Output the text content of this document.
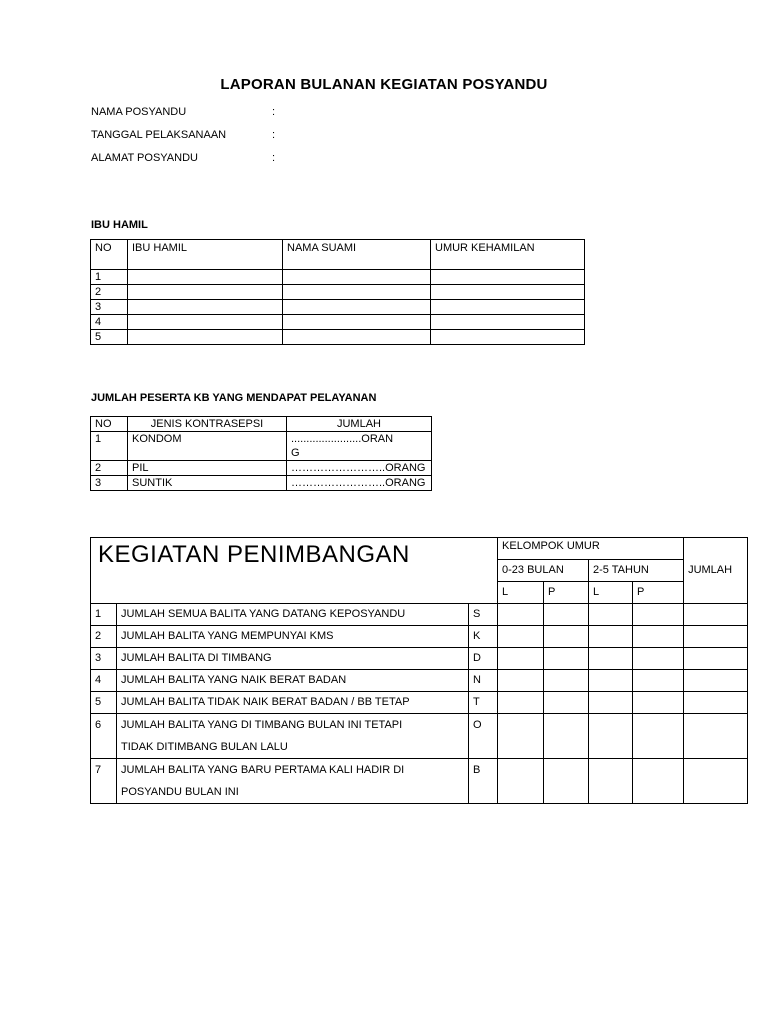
LAPORAN BULANAN KEGIATAN POSYANDU
NAMA POSYANDU	:
TANGGAL PELAKSANAAN	:
ALAMAT POSYANDU	:
IBU HAMIL
NO	IBU HAMIL	NAMA SUAMI	UMUR KEHAMILAN
1			
2			
3			
4			
5			
JUMLAH PESERTA KB YANG MENDAPAT PELAYANAN
NO	JENIS KONTRASEPSI	JUMLAH
1	KONDOM	.......................ORAN
G

2	PIL	……………………..ORANG
3	SUNTIK	……………………..ORANG
KEGIATAN PENIMBANGAN			KELOMPOK UMUR				JUMLAH
			0-23 BULAN		2-5 TAHUN		
			L	P	L	P	
1	JUMLAH SEMUA BALITA YANG DATANG KEPOSYANDU	S					
2	JUMLAH BALITA YANG MEMPUNYAI KMS	K					
3	JUMLAH BALITA DI TIMBANG	D					
4	JUMLAH BALITA YANG NAIK BERAT BADAN	N					
5	JUMLAH BALITA TIDAK NAIK BERAT BADAN / BB TETAP	T					
6	JUMLAH BALITA YANG DI TIMBANG BULAN INI TETAPI
TIDAK DITIMBANG BULAN LALU	O					
7	JUMLAH BALITA YANG BARU PERTAMA KALI HADIR DI
POSYANDU BULAN INI	B					
